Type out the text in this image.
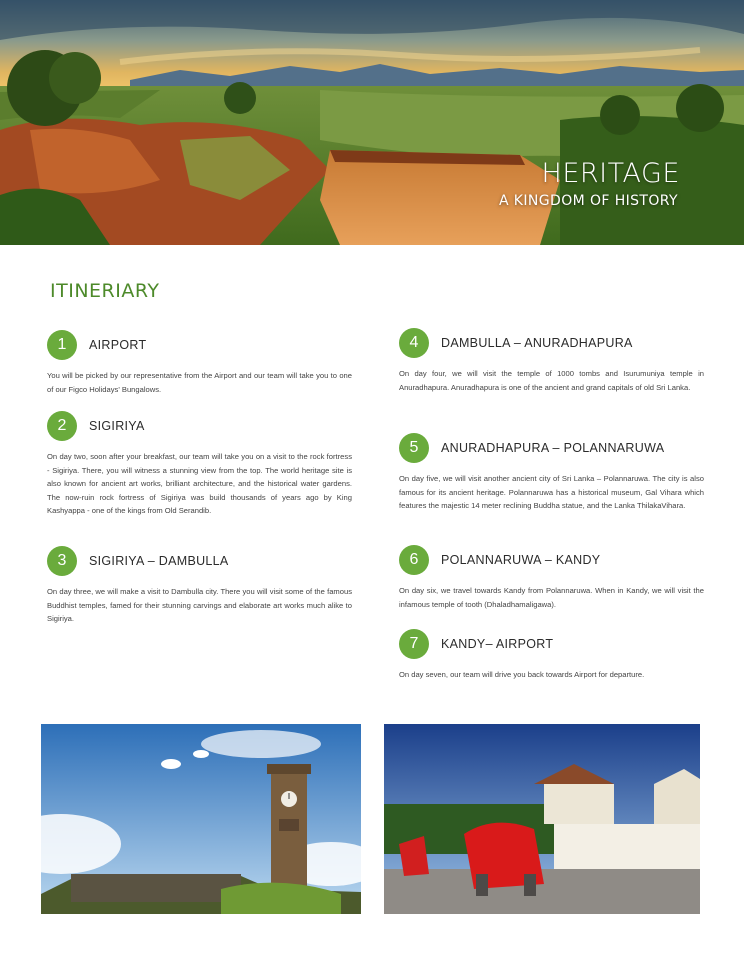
HERITAGE
A KINGDOM OF HISTORY
ITINERIARY
1	AIRPORT
You will be picked by our representative from the Airport and our team will take you to one of our Figco Holidays' Bungalows.
2	SIGIRIYA
On day two, soon after your breakfast, our team will take you on a visit to the rock fortress - Sigiriya. There, you will witness a stunning view from the top. The world heritage site is also known for ancient art works, brilliant architecture, and the historical water gardens. The now-ruin rock fortress of Sigiriya was build thousands of years ago by King Kashyappa - one of the kings from Old Serandib.
3	SIGIRIYA – DAMBULLA
On day three, we will make a visit to Dambulla city. There you will visit some of the famous Buddhist temples, famed for their stunning carvings and elaborate art works much alike to Sigiriya.
4	DAMBULLA – ANURADHAPURA
On day four, we will visit the temple of 1000 tombs and Isurumuniya temple in Anuradhapura. Anuradhapura is one of the ancient and grand capitals of old Sri Lanka.
5	ANURADHAPURA – POLANNARUWA
On day five, we will visit another ancient city of Sri Lanka – Polannaruwa. The city is also famous for its ancient heritage. Polannaruwa has a historical museum, Gal Vihara which features the majestic 14 meter reclining Buddha statue, and the Lanka ThilakaVihara.
6	POLANNARUWA – KANDY
On day six, we travel towards Kandy from Polannaruwa. When in Kandy, we will visit the infamous temple of tooth (Dhaladhamaligawa).
7	KANDY– AIRPORT
On day seven, our team will drive you back towards Airport for departure.
